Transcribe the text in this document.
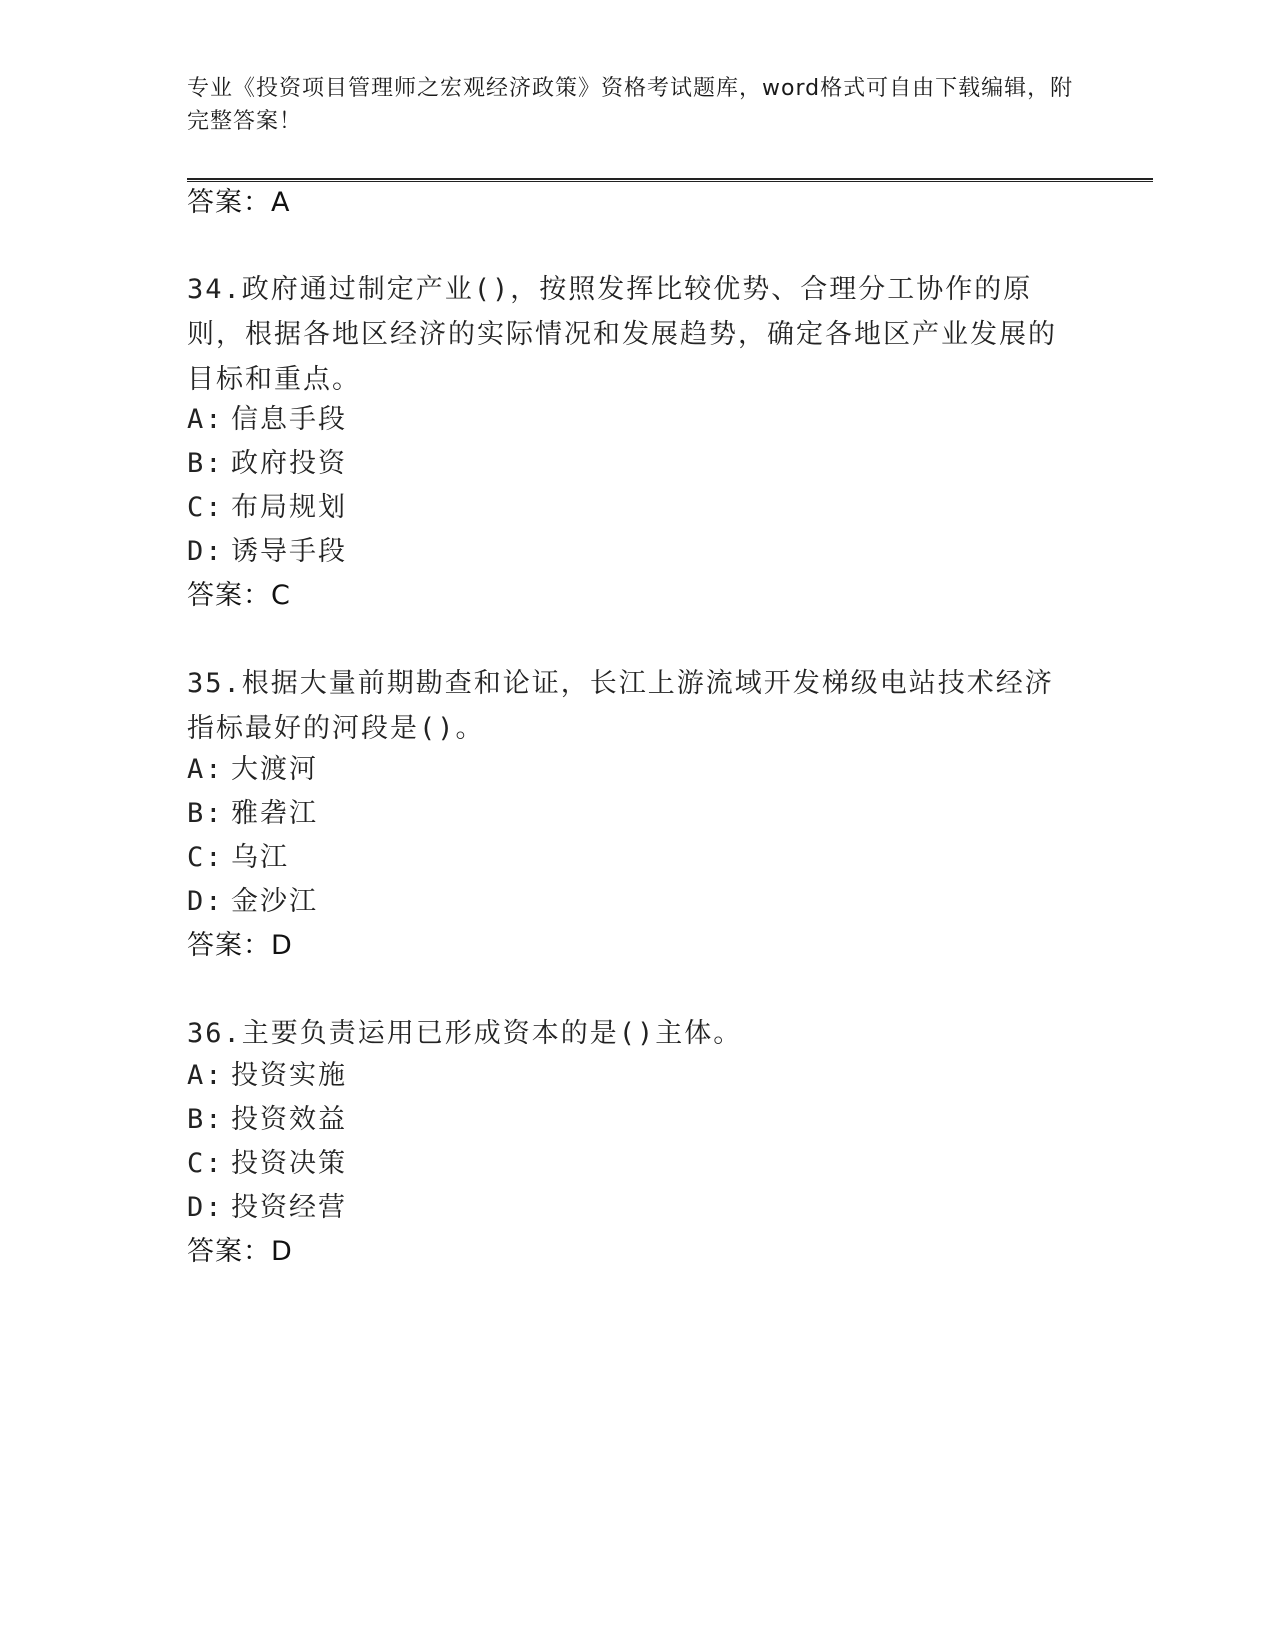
专业《投资项目管理师之宏观经济政策》资格考试题库，word格式可自由下载编辑，附完整答案！
答案：A
34.政府通过制定产业()，按照发挥比较优势、合理分工协作的原则，根据各地区经济的实际情况和发展趋势，确定各地区产业发展的目标和重点。
A: 信息手段
B: 政府投资
C: 布局规划
D: 诱导手段
答案：C
35.根据大量前期勘查和论证，长江上游流域开发梯级电站技术经济指标最好的河段是()。
A: 大渡河
B: 雅砻江
C: 乌江
D: 金沙江
答案：D
36.主要负责运用已形成资本的是()主体。
A: 投资实施
B: 投资效益
C: 投资决策
D: 投资经营
答案：D
